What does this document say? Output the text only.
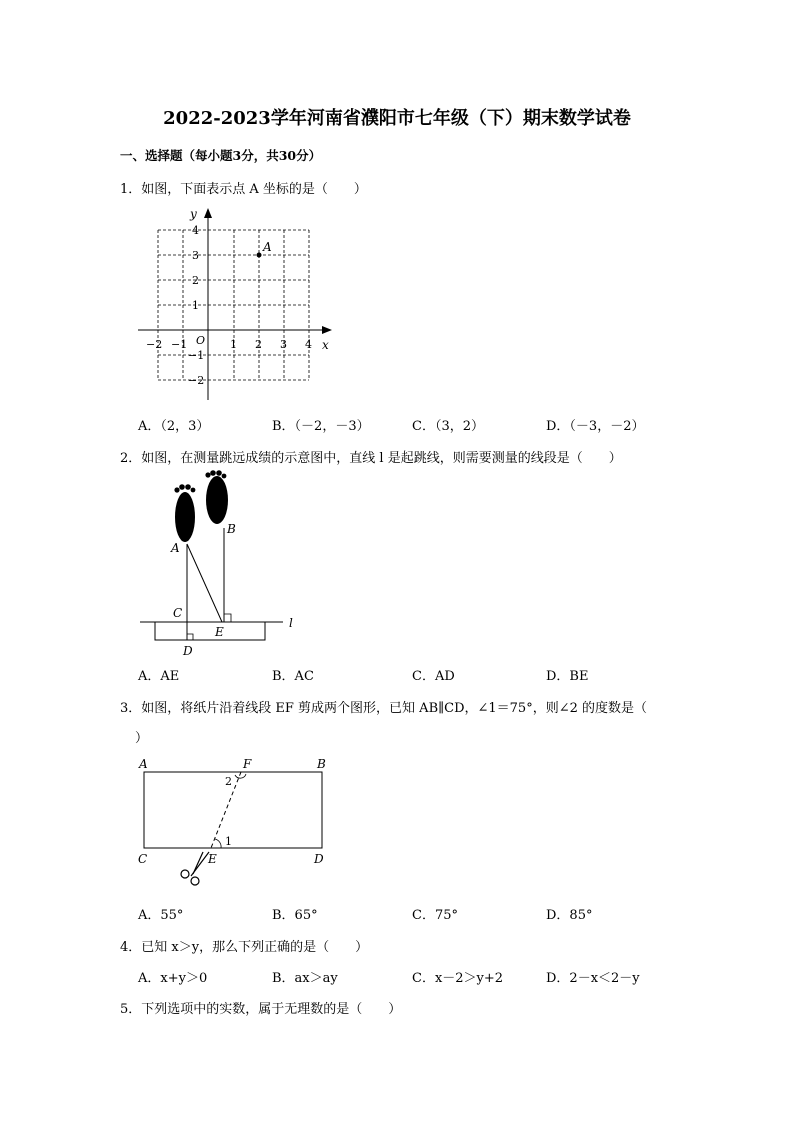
2022-2023学年河南省濮阳市七年级（下）期末数学试卷
一、选择题（每小题3分，共30分）
1．如图，下面表示点 A 坐标的是（　　）
y
x
O
−2 −1	1 2 3 4
4
3
2
1
−1
−2
A
A．（2，3）	B．（－2，－3）	C．（3，2）	D．（－3，－2）
2．如图，在测量跳远成绩的示意图中，直线 l 是起跳线，则需要测量的线段是（　　）
A
B
C
D
E
l
A．AE	B．AC	C．AD	D．BE
3．如图，将纸片沿着线段 EF 剪成两个图形，已知 AB∥CD，∠1＝75°，则∠2 的度数是（
）
A	F	B
2
1
C	E	D
A．55°	B．65°	C．75°	D．85°
4．已知 x＞y，那么下列正确的是（　　）
A．x+y＞0	B．ax＞ay	C．x－2＞y+2	D．2－x＜2－y
5．下列选项中的实数，属于无理数的是（　　）
